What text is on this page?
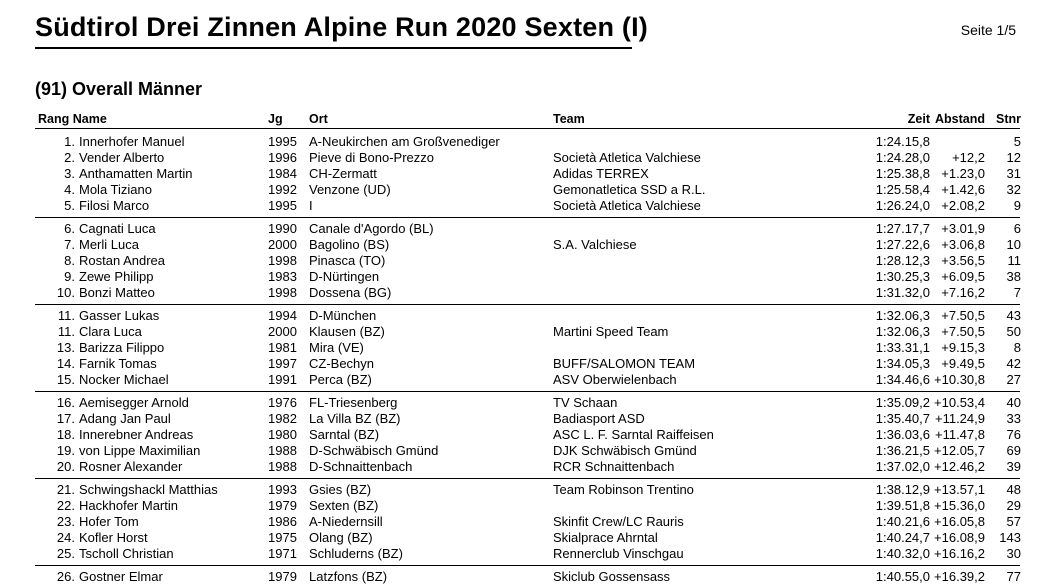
Südtirol Drei Zinnen Alpine Run 2020 Sexten (I)	Seite 1/5
(91) Overall Männer
Rang Name	Jg Ort	Team	Zeit Abstand Stnr
1. Innerhofer Manuel	1995 A-Neukirchen am Großvenediger	1:24.15,8	5
2. Vender Alberto	1996 Pieve di Bono-Prezzo	Società Atletica Valchiese	1:24.28,0 +12,2 12
3. Anthamatten Martin	1984 CH-Zermatt	Adidas TERREX	1:25.38,8 +1.23,0 31
4. Mola Tiziano	1992 Venzone (UD)	Gemonatletica SSD a R.L.	1:25.58,4 +1.42,6 32
5. Filosi Marco	1995 I	Società Atletica Valchiese	1:26.24,0 +2.08,2 9
6. Cagnati Luca	1990 Canale d'Agordo (BL)	1:27.17,7 +3.01,9 6
7. Merli Luca	2000 Bagolino (BS)	S.A. Valchiese	1:27.22,6 +3.06,8 10
8. Rostan Andrea	1998 Pinasca (TO)	1:28.12,3 +3.56,5 11
9. Zewe Philipp	1983 D-Nürtingen	1:30.25,3 +6.09,5 38
10. Bonzi Matteo	1998 Dossena (BG)	1:31.32,0 +7.16,2 7
11. Gasser Lukas	1994 D-München	1:32.06,3 +7.50,5 43
11. Clara Luca	2000 Klausen (BZ)	Martini Speed Team	1:32.06,3 +7.50,5 50
13. Barizza Filippo	1981 Mira (VE)	1:33.31,1 +9.15,3 8
14. Farnik Tomas	1997 CZ-Bechyn	BUFF/SALOMON TEAM	1:34.05,3 +9.49,5 42
15. Nocker Michael	1991 Perca (BZ)	ASV Oberwielenbach	1:34.46,6 +10.30,8 27
16. Aemisegger Arnold	1976 FL-Triesenberg	TV Schaan	1:35.09,2 +10.53,4 40
17. Adang Jan Paul	1982 La Villa BZ (BZ)	Badiasport ASD	1:35.40,7 +11.24,9 33
18. Innerebner Andreas	1980 Sarntal (BZ)	ASC L. F. Sarntal Raiffeisen	1:36.03,6 +11.47,8 76
19. von Lippe Maximilian	1988 D-Schwäbisch Gmünd	DJK Schwäbisch Gmünd	1:36.21,5 +12.05,7 69
20. Rosner Alexander	1988 D-Schnaittenbach	RCR Schnaittenbach	1:37.02,0 +12.46,2 39
21. Schwingshackl Matthias	1993 Gsies (BZ)	Team Robinson Trentino	1:38.12,9 +13.57,1 48
22. Hackhofer Martin	1979 Sexten (BZ)	1:39.51,8 +15.36,0 29
23. Hofer Tom	1986 A-Niedernsill	Skinfit Crew/LC Rauris	1:40.21,6 +16.05,8 57
24. Kofler Horst	1975 Olang (BZ)	Skialprace Ahrntal	1:40.24,7 +16.08,9 143
25. Tscholl Christian	1971 Schluderns (BZ)	Rennerclub Vinschgau	1:40.32,0 +16.16,2 30
26. Gostner Elmar	1979 Latzfons (BZ)	Skiclub Gossensass	1:40.55,0 +16.39,2 77
